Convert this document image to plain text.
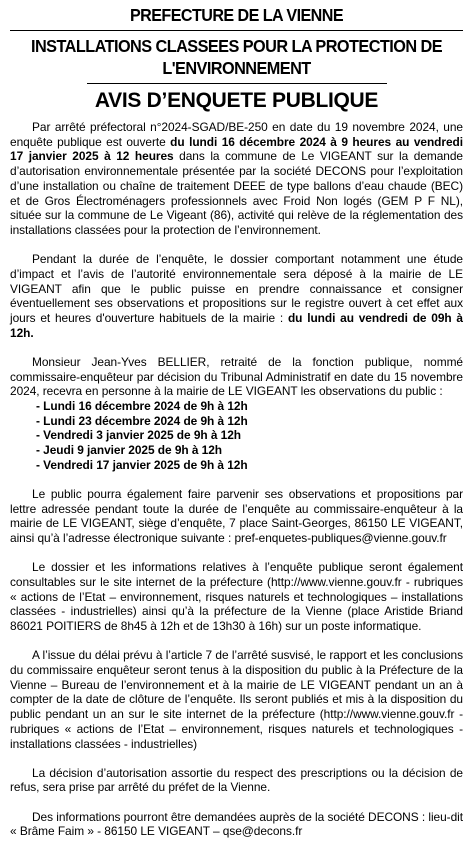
PREFECTURE DE LA VIENNE
INSTALLATIONS CLASSEES POUR LA PROTECTION DE
L'ENVIRONNEMENT
AVIS D’ENQUETE PUBLIQUE

Par arrêté préfectoral n°2024-SGAD/BE-250 en date du 19 novembre 2024, une enquête publique est ouverte du lundi 16 décembre 2024 à 9 heures au vendredi 17 janvier 2025 à 12 heures dans la commune de Le VIGEANT sur la demande d’autorisation environnementale présentée par la société DECONS pour l’exploitation d’une installation ou chaîne de traitement DEEE de type ballons d’eau chaude (BEC) et de Gros Électroménagers professionnels avec Froid Non logés (GEM P F NL), située sur la commune de Le Vigeant (86), activité qui relève de la réglementation des installations classées pour la protection de l’environnement.

Pendant la durée de l’enquête, le dossier comportant notamment une étude d’impact et l’avis de l’autorité environnementale sera déposé à la mairie de LE VIGEANT afin que le public puisse en prendre connaissance et consigner éventuellement ses observations et propositions sur le registre ouvert à cet effet aux jours et heures d'ouverture habituels de la mairie : du lundi au vendredi de 09h à 12h.

Monsieur Jean-Yves BELLIER, retraité de la fonction publique, nommé commissaire-enquêteur par décision du Tribunal Administratif en date du 15 novembre 2024, recevra en personne à la mairie de LE VIGEANT les observations du public :

- Lundi 16 décembre 2024 de 9h à 12h
- Lundi 23 décembre 2024 de 9h à 12h
- Vendredi 3 janvier 2025 de 9h à 12h
- Jeudi 9 janvier 2025 de 9h à 12h
- Vendredi 17 janvier 2025 de 9h à 12h

Le public pourra également faire parvenir ses observations et propositions par lettre adressée pendant toute la durée de l’enquête au commissaire-enquêteur à la mairie de LE VIGEANT, siège d’enquête, 7 place Saint-Georges, 86150 LE VIGEANT, ainsi qu’à l’adresse électronique suivante : pref-enquetes-publiques@vienne.gouv.fr

Le dossier et les informations relatives à l’enquête publique seront également consultables sur le site internet de la préfecture (http://www.vienne.gouv.fr - rubriques « actions de l’Etat – environnement, risques naturels et technologiques – installations classées - industrielles) ainsi qu’à la préfecture de la Vienne (place Aristide Briand 86021 POITIERS de 8h45 à 12h et de 13h30 à 16h) sur un poste informatique.

A l’issue du délai prévu à l’article 7 de l’arrêté susvisé, le rapport et les conclusions du commissaire enquêteur seront tenus à la disposition du public à la Préfecture de la Vienne – Bureau de l’environnement et à la mairie de LE VIGEANT pendant un an à compter de la date de clôture de l’enquête. Ils seront publiés et mis à la disposition du public pendant un an sur le site internet de la préfecture (http://www.vienne.gouv.fr - rubriques « actions de l’Etat – environnement, risques naturels et technologiques - installations classées - industrielles)

La décision d’autorisation assortie du respect des prescriptions ou la décision de refus, sera prise par arrêté du préfet de la Vienne.

Des informations pourront être demandées auprès de la société DECONS : lieu-dit « Brâme Faim » - 86150 LE VIGEANT – qse@decons.fr
